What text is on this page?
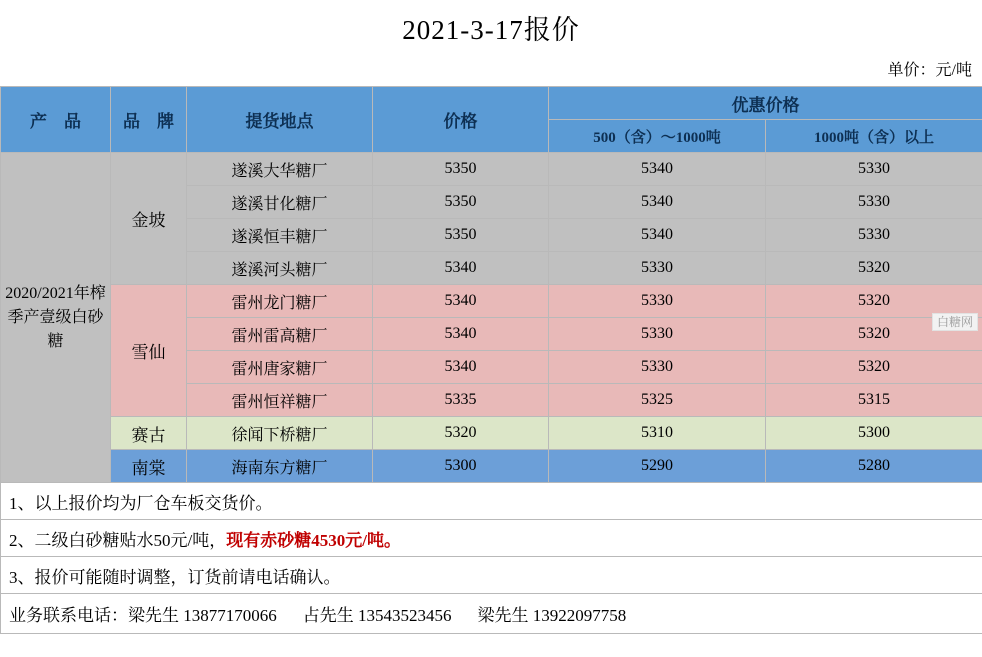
2021-3-17报价
单价：元/吨
产　品	品　牌	提货地点	价格	优惠价格	
				500（含）～1000吨	1000吨（含）以上
2020/2021年榨季产壹级白砂糖	金坡	遂溪大华糖厂	5350	5340	5330
		遂溪甘化糖厂	5350	5340	5330
		遂溪恒丰糖厂	5350	5340	5330
		遂溪河头糖厂	5340	5330	5320
	雪仙	雷州龙门糖厂	5340	5330	5320
		雷州雷高糖厂	5340	5330	5320
		雷州唐家糖厂	5340	5330	5320
		雷州恒祥糖厂	5335	5325	5315
	赛古	徐闻下桥糖厂	5320	5310	5300
	南棠	海南东方糖厂	5300	5290	5280
1、以上报价均为厂仓车板交货价。					
2、二级白砂糖贴水50元/吨，现有赤砂糖4530元/吨。					
3、报价可能随时调整，订货前请电话确认。					
业务联系电话：梁先生 13877170066 占先生 13543523456 梁先生 13922097758					
白糖网
